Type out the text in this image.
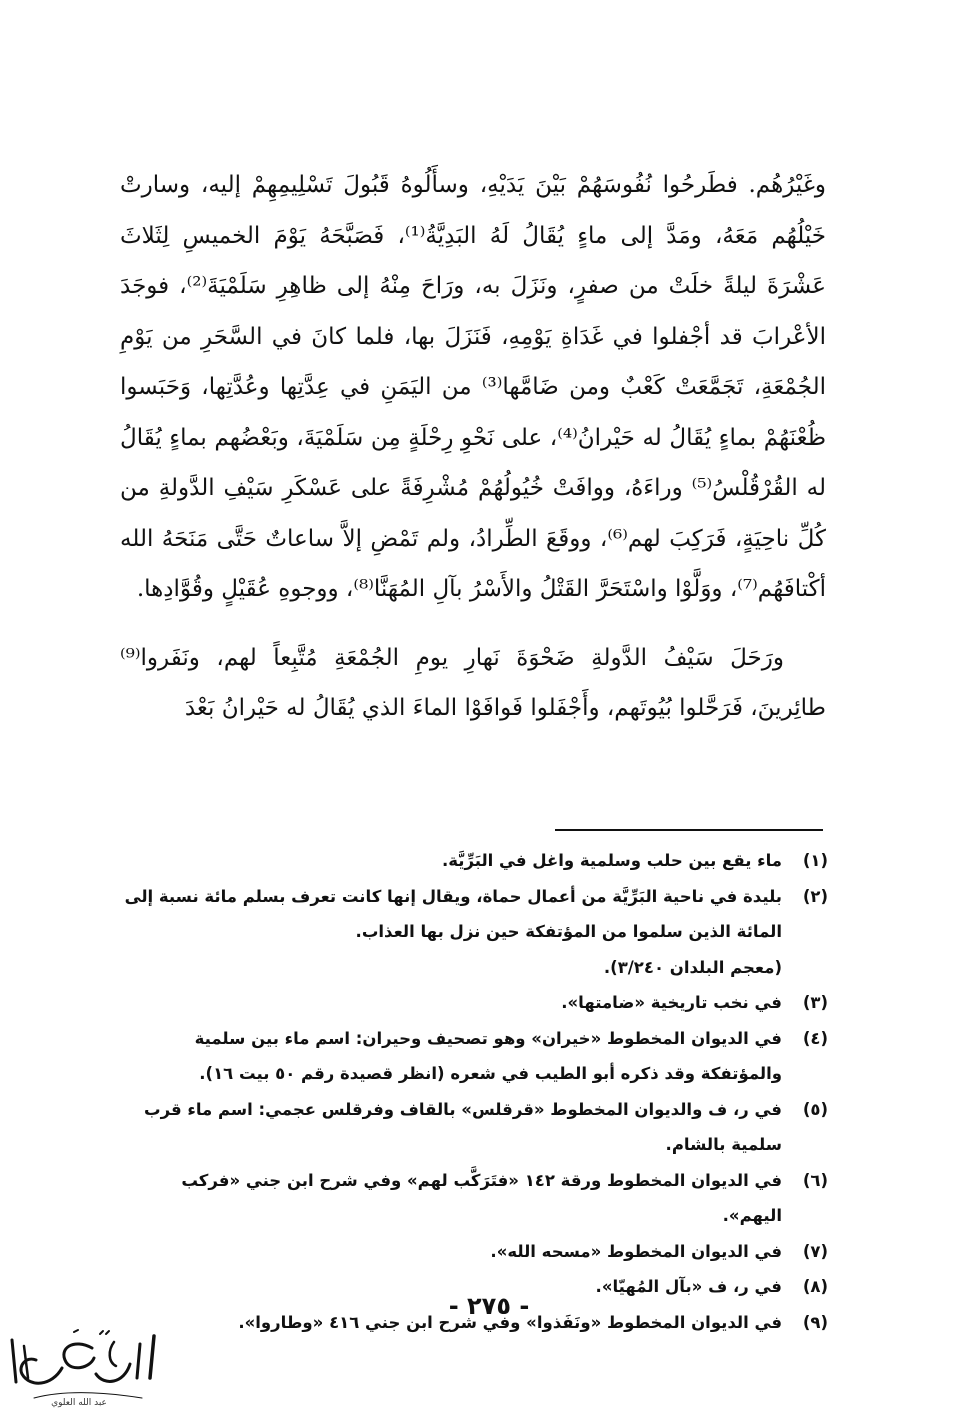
وغَيْرُهُم. فطَرحُوا نُفُوسَهُمْ بَيْنَ يَدَيْهِ، وسأَلُوهُ قَبُولَ تَسْلِيمِهِمْ إليه، وسارتْ خَيْلُهُم مَعَهُ، ومَدَّ إلى ماءٍ يُقَالُ لَهُ البَدِيَّةُ⁽¹⁾، فَصَبَّحَهُ يَوْمَ الخميسِ لِثَلاثَ عَشْرَةَ ليلةً خلَتْ من صفرٍ، ونَزَلَ به، ورَاحَ مِنْهُ إلى ظاهِرِ سَلَمْيَةَ⁽²⁾، فوجَدَ الأعْرابَ قد أجْفلوا في غَدَاةِ يَوْمِهِ، فَنَزَلَ بها، فلما كانَ في السَّحَرِ من يَوْمِ الجُمْعَةِ، تَجَمَّعَتْ كَعْبٌ ومن ضَامَّها⁽³⁾ من اليَمَنِ في عِدَّتِها وعُدَّتِها، وَحَبَسوا ظُعْنَهُمْ بماءٍ يُقَالُ له حَيْرانُ⁽⁴⁾، على نَحْوِ رِحْلَةٍ مِن سَلَمْيَةَ، وبَعْضُهم بماءٍ يُقَالُ له القُرْقُلْسُ⁽⁵⁾ وراءَهُ، ووافَتْ خُيُولُهُمْ مُشْرِفَةً على عَسْكَرِ سَيْفِ الدَّولةِ من كُلِّ ناحِيَةٍ، فَرَكِبَ لهم⁽⁶⁾، ووقَعَ الطِّرادُ، ولم تَمْضِ إلاَّ ساعاتٌ حَتَّى مَنَحَهُ الله أكْتافَهُم⁽⁷⁾، ووَلَّوْا واسْتَحَرَّ القَتْلُ والأَسْرُ بآلِ المُهَنَّا⁽⁸⁾، ووجوهِ عُقَيْلٍ وقُوَّادِها.

ورَحَلَ سَيْفُ الدَّولةِ ضَحْوَةَ نَهارِ يومِ الجُمْعَةِ مُتَّبِعاً لهم، ونَفَروا⁽⁹⁾ طائِرينَ، فَرَحَّلوا بُيُوتَهم، وأَجْفَلوا فَوافَوْا الماءَ الذي يُقَالُ له حَيْرانُ بَعْدَ

(١)
ماء يقع بين حلب وسلمية واغل في البَرِّيَّة.
(٢)
بليدة في ناحية البَرِّيَّة من أعمال حماة، ويقال إنها كانت تعرف بسلم مائة نسبة إلى المائة الذين سلموا من المؤتفكة حين نزل بها العذاب.
(معجم البلدان ٣/٢٤٠).
(٣)
في نخب تاريخية «ضامتها».
(٤)
في الديوان المخطوط «خيران» وهو تصحيف وحيران: اسم ماء بين سلمية والمؤتفكة وقد ذكره أبو الطيب في شعره (انظر قصيدة رقم ٥٠ بيت ١٦).
(٥)
في ر، ف والديوان المخطوط «قرقلس» بالقاف وفرقلس عجمي: اسم ماء قرب سلمية بالشام.
(٦)
في الديوان المخطوط ورقة ١٤٢ «فتَرَكَّب لهم» وفي شرح ابن جني «فركب اليهم».
(٧)
في الديوان المخطوط «مسحه الله».
(٨)
في ر، ف «بآل المُهيّا».
(٩)
في الديوان المخطوط «ونَفَذوا» وفي شرح ابن جني ٤١٦ «وطاروا».
- ٢٧٥ -
عبد الله العلوي
